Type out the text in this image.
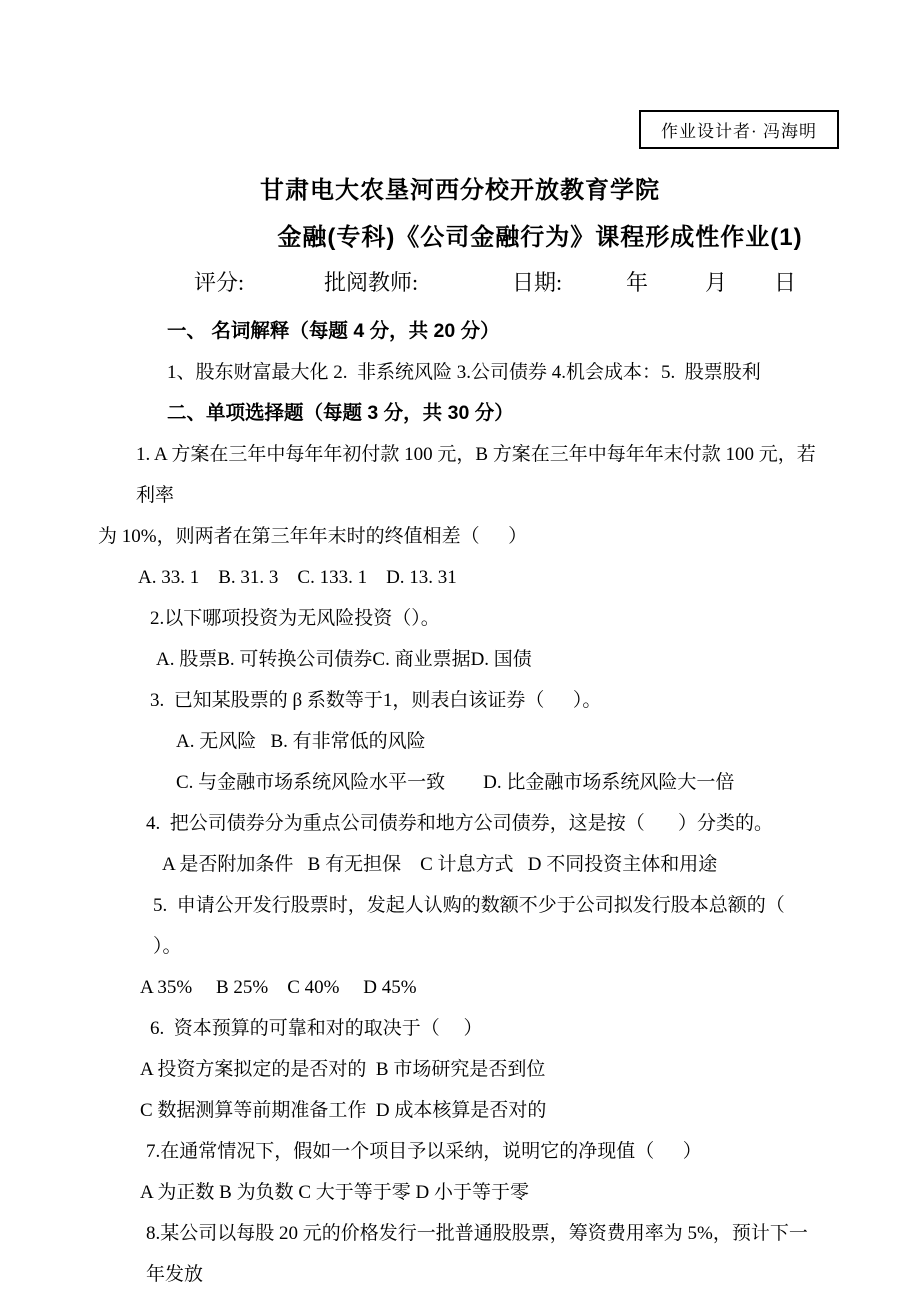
作业设计者· 冯海明
甘肃电大农垦河西分校开放教育学院
金融(专科)《公司金融行为》课程形成性作业(1)
评分:	批阅教师:	日期:	年	月 日

一、 名词解释（每题 4 分，共 20 分）

1、股东财富最大化 2.  非系统风险 3.公司债券 4.机会成本：5.  股票股利

二、单项选择题（每题 3 分，共 30 分）

1. A 方案在三年中每年年初付款 100 元，B 方案在三年中每年年末付款 100 元，若利率

为 10%，则两者在第三年年末时的终值相差（      ）

A. 33. 1    B. 31. 3    C. 133. 1    D. 13. 31

2.以下哪项投资为无风险投资（）。

A. 股票B. 可转换公司债券C. 商业票据D. 国债

3.  已知某股票的 β 系数等于1，则表白该证券（      ）。

A. 无风险   B. 有非常低的风险

C. 与金融市场系统风险水平一致        D. 比金融市场系统风险大一倍

4.  把公司债券分为重点公司债券和地方公司债券，这是按（       ）分类的。

A 是否附加条件   B 有无担保    C 计息方式   D 不同投资主体和用途

5.  申请公开发行股票时，发起人认购的数额不少于公司拟发行股本总额的（       ）。

A 35%     B 25%    C 40%     D 45%

6.  资本预算的可靠和对的取决于（     ）

A 投资方案拟定的是否对的  B 市场研究是否到位

C 数据测算等前期准备工作  D 成本核算是否对的

7.在通常情况下，假如一个项目予以采纳，说明它的净现值（      ）

A 为正数 B 为负数 C 大于等于零 D 小于等于零

8.某公司以每股 20 元的价格发行一批普通股股票，筹资费用率为 5%，预计下一年发放
